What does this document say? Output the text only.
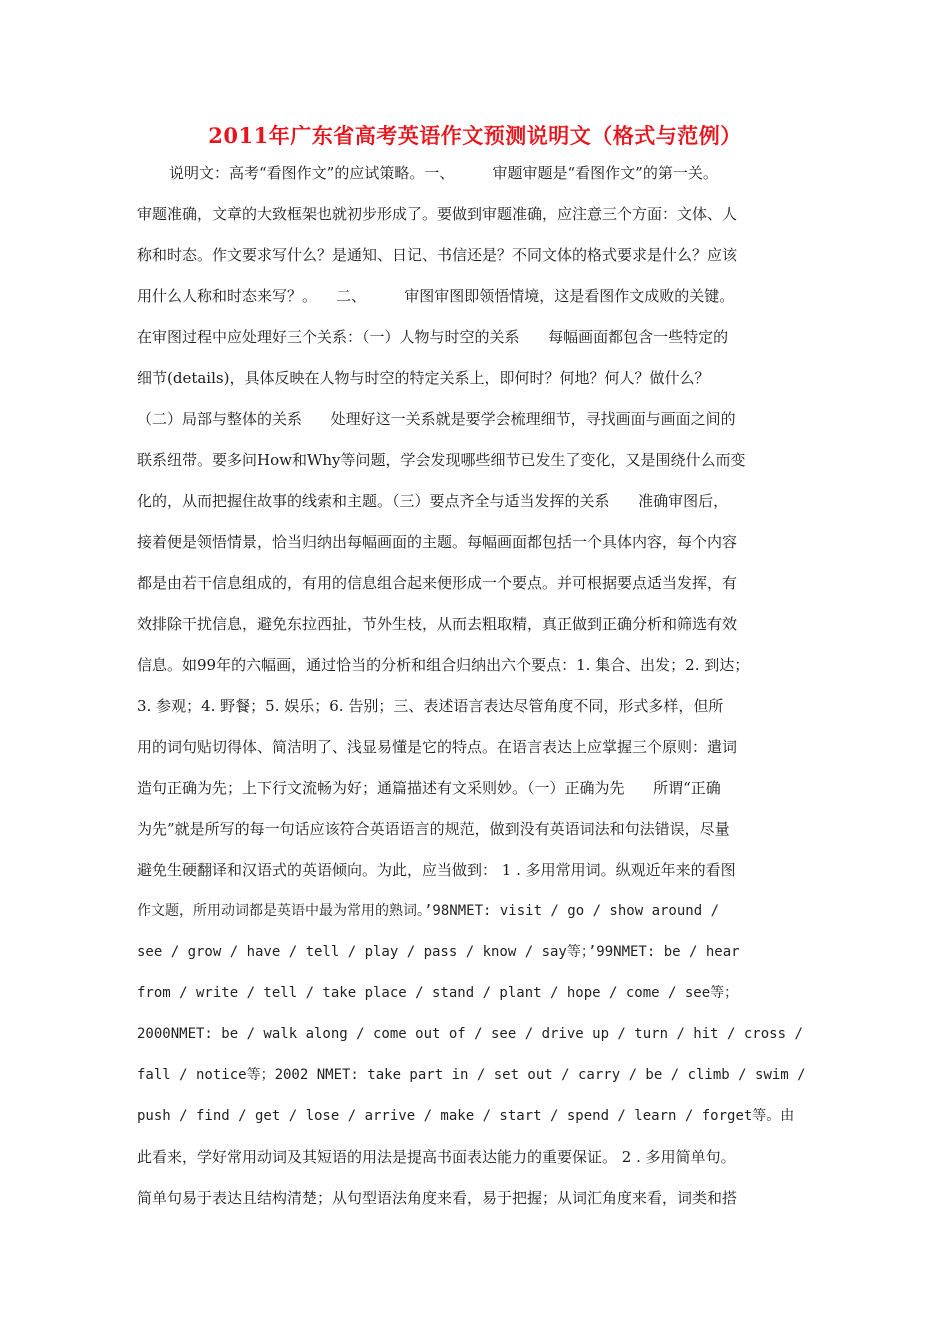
2011年广东省高考英语作文预测说明文（格式与范例）
说明文：高考“看图作文”的应试策略。一、        审题审题是“看图作文”的第一关。
审题准确，文章的大致框架也就初步形成了。要做到审题准确，应注意三个方面：文体、人
称和时态。作文要求写什么？是通知、日记、书信还是？不同文体的格式要求是什么？应该
用什么人称和时态来写？。    二、        审图审图即领悟情境，这是看图作文成败的关键。
在审图过程中应处理好三个关系：（一）人物与时空的关系      每幅画面都包含一些特定的
细节(details)，具体反映在人物与时空的特定关系上，即何时？何地？何人？做什么？
（二）局部与整体的关系      处理好这一关系就是要学会梳理细节，寻找画面与画面之间的
联系纽带。要多问How和Why等问题，学会发现哪些细节已发生了变化，又是围绕什么而变
化的，从而把握住故事的线索和主题。（三）要点齐全与适当发挥的关系      准确审图后，
接着便是领悟情景，恰当归纳出每幅画面的主题。每幅画面都包括一个具体内容，每个内容
都是由若干信息组成的，有用的信息组合起来便形成一个要点。并可根据要点适当发挥，有
效排除干扰信息，避免东拉西扯，节外生枝，从而去粗取精，真正做到正确分析和筛选有效
信息。如99年的六幅画，通过恰当的分析和组合归纳出六个要点：1. 集合、出发；2. 到达；
3. 参观；4. 野餐；5. 娱乐；6. 告别；三、表述语言表达尽管角度不同，形式多样，但所
用的词句贴切得体、简洁明了、浅显易懂是它的特点。在语言表达上应掌握三个原则：遣词
造句正确为先；上下行文流畅为好；通篇描述有文采则妙。（一）正确为先      所谓“正确
为先”就是所写的每一句话应该符合英语语言的规范，做到没有英语词法和句法错误，尽量
避免生硬翻译和汉语式的英语倾向。为此，应当做到： 1 . 多用常用词。纵观近年来的看图
作文题，所用动词都是英语中最为常用的熟词。’98NMET: visit / go / show around /
see / grow / have / tell / play / pass / know / say等；’99NMET: be / hear
from / write / tell / take place / stand / plant / hope / come / see等；
2000NMET: be / walk along / come out of / see / drive up / turn / hit / cross /
fall / notice等；2002 NMET: take part in / set out / carry / be / climb / swim /
push / find / get / lose / arrive / make / start / spend / learn / forget等。由
此看来，学好常用动词及其短语的用法是提高书面表达能力的重要保证。 2 . 多用简单句。
简单句易于表达且结构清楚；从句型语法角度来看，易于把握；从词汇角度来看，词类和搭
